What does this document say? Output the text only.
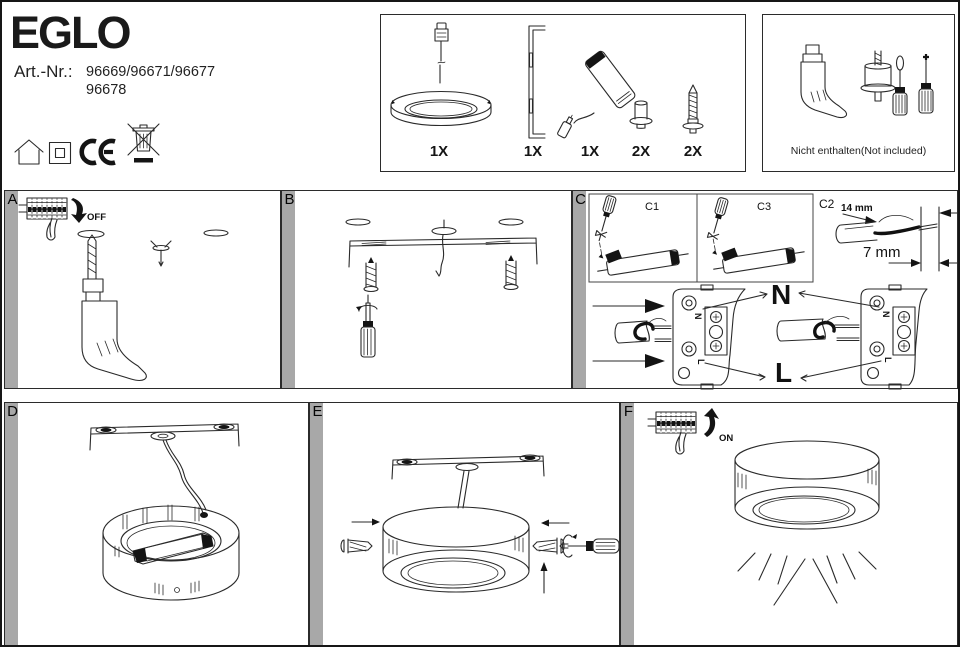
EGLO
Art.-Nr.: 96669/96671/96677
96678
1X	1X	1X	2X	2X	Nicht enthalten(Not included)
OFF
A	B	C1	C3	C2 14 mm
7 mm
N
L
N
L
N
L
C
D	E
ON
F
